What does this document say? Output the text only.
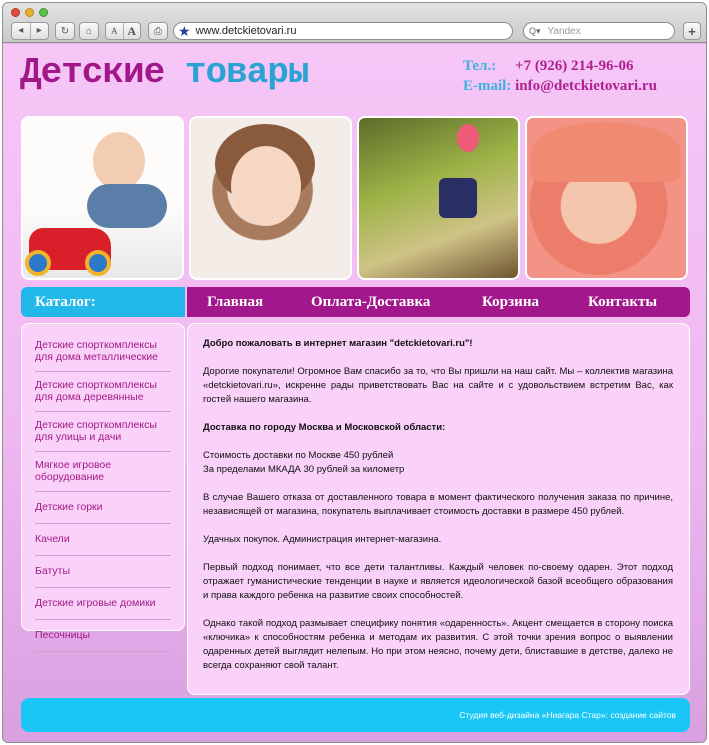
◂	▸	↻ ⌂	A A	⎙ ★ www.detckietovari.ru	Q▾ Yandex	+
Детские товары	Тел.: +7 (926) 214-96-06
E-mail: info@detckietovari.ru
Каталог:	Главная	Оплата-Доставка	Корзина	Контакты
Детские спорткомплексы для дома металлические
Детские спорткомплексы для дома деревянные
Детские спорткомплексы для улицы и дачи
Мягкое игровое оборудование
Детские горки
Качели
Батуты
Детские игровые домики
Песочницы

Добро пожаловать в интернет магазин "detckietovari.ru"!

Дорогие покупатели! Огромное Вам спасибо за то, что Вы пришли на наш сайт. Мы – коллектив магазина «detckietovari.ru», искренне рады приветствовать Вас на сайте и с удовольствием встретим Вас, как гостей нашего магазина.

Доставка по городу Москва и Московской области:

Стоимость доставки по Москве 450 рублей
За пределами МКАДА 30 рублей за километр

В случае Вашего отказа от доставленного товара в момент фактического получения заказа по причине, независящей от магазина, покупатель выплачивает стоимость доставки в размере 450 рублей.

Удачных покупок. Администрация интернет-магазина.

Первый подход понимает, что все дети талантливы. Каждый человек по-своему одарен. Этот подход отражает гуманистические тенденции в науке и является идеологической базой всеобщего образования и права каждого ребенка на развитие своих способностей.

Однако такой подход размывает специфику понятия «одаренность». Акцент смещается в сторону поиска «ключика» к способностям ребенка и методам их развития. С этой точки зрения вопрос о выявлении одаренных детей выглядит нелепым. Но при этом неясно, почему дети, блиставшие в детстве, далеко не всегда сохраняют свой талант.

Студия веб-дизайна «Ниагара Стар»: создание сайтов
